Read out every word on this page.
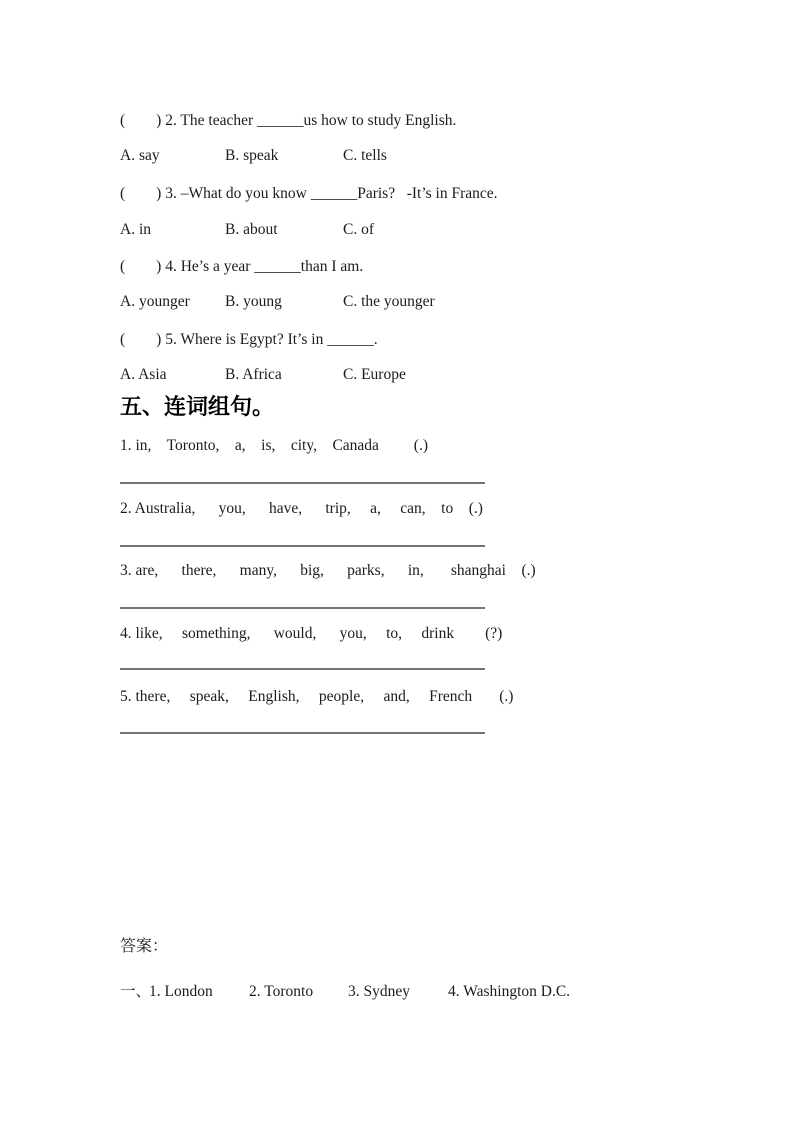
(        ) 2. The teacher ______us how to study English.
A. say	B. speak	C. tells
(        ) 3. –What do you know ______Paris?   -It’s in France.
A. in	B. about	C. of
(        ) 4. He’s a year ______than I am.
A. younger	B. young	C. the younger
(        ) 5. Where is Egypt? It’s in ______.
A. Asia	B. Africa	C. Europe
五、连词组句。
1. in,    Toronto,    a,    is,    city,    Canada         (.)
2. Australia,      you,      have,      trip,     a,     can,    to    (.)
3. are,      there,      many,      big,      parks,      in,       shanghai    (.)
4. like,     something,      would,      you,     to,     drink        (?)
5. there,     speak,     English,     people,     and,     French       (.)
答案：
一、
1. London	2. Toronto	3. Sydney	4. Washington D.C.
